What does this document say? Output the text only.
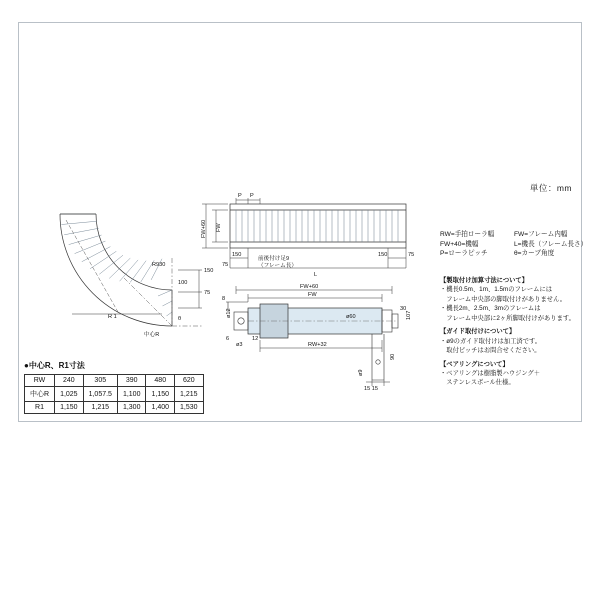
単位：mm
150
75
100
R930
θ
中心R
R 1
P P
FW+60 FW
150	150
75
75
L
前後付け足9
（フレーム長）
FW+60
FW
ø60
30
107
90
8
ø12
ø3
6	12
RW+32
15 15
ø9
RW=手拍ローラ幅	FW=フレーム内幅
FW+40=機幅	L=機長（フレーム長さ）
P=ローラピッチ	θ=カーブ角度

【製取付け加算寸法について】
・機長0.5m、1m、1.5mのフレームには
　フレーム中央部の脚取付けがありません。
・機長2m、2.5m、3mのフレームは
　フレーム中央部に2ヶ所脚取付けがあります。

【ガイド取付けについて】
・ø9のガイド取付けは加工済です。
　取付ピッチはお問合せください。

【ベアリングについて】
・ベアリングは樹脂製ハウジング＋
　ステンレスボール仕様。

●中心R、R1寸法
RW	240	305	390	480	620
中心R	1,025	1,057.5	1,100	1,150	1,215
R1	1,150	1,215	1,300	1,400	1,530
